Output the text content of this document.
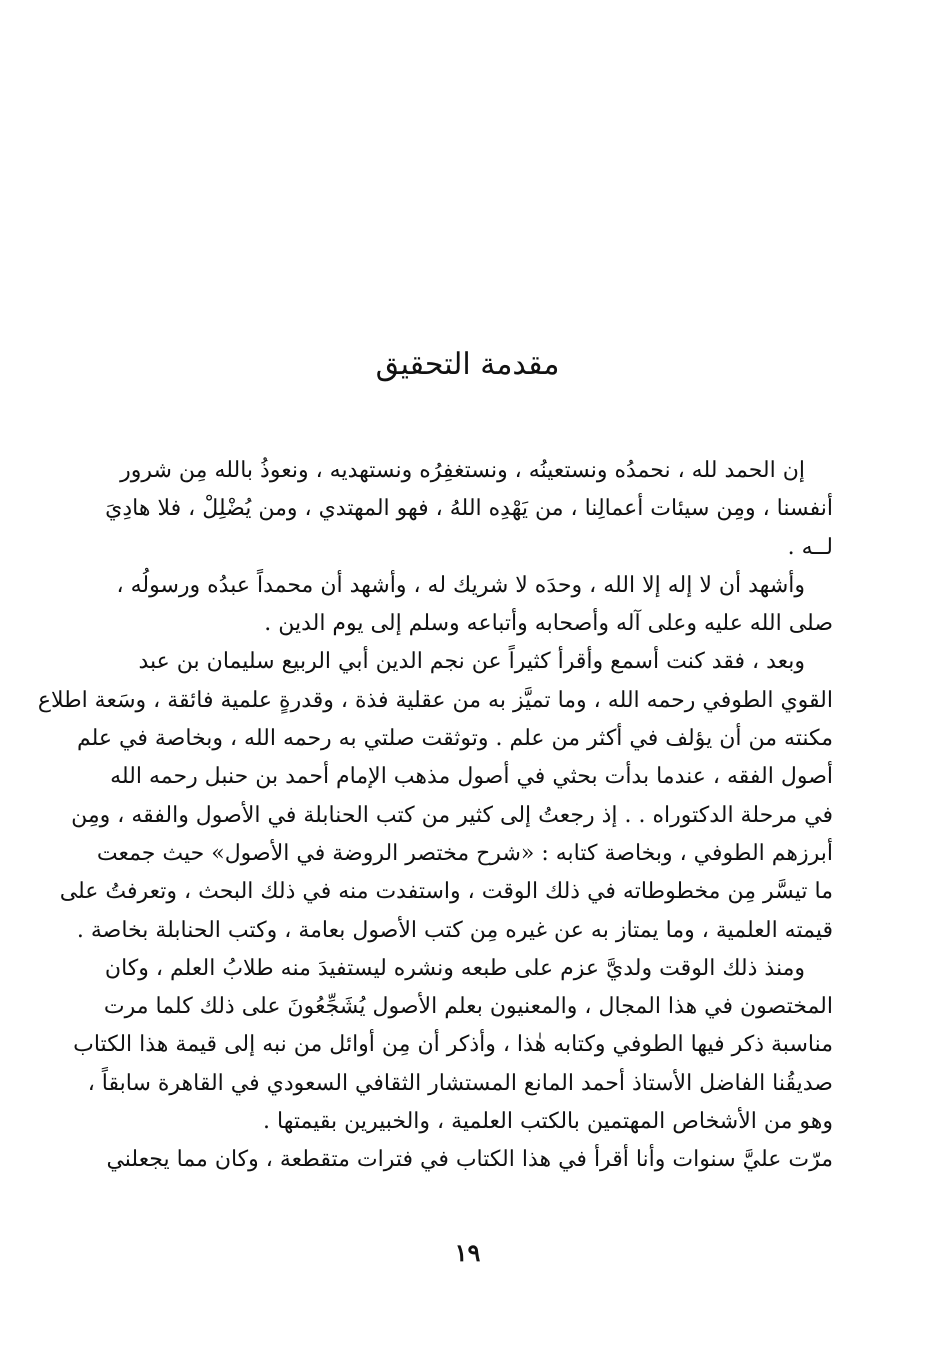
مقدمة التحقيق
إن الحمد لله ، نحمدُه ونستعينُه ، ونستغفِرُه ونستهديه ، ونعوذُ بالله مِن شرور
أنفسنا ، ومِن سيئات أعمالِنا ، من يَهْدِه اللهُ ، فهو المهتدي ، ومن يُضْلِلْ ، فلا هادِيَ
لــه .
وأشهد أن لا إله إلا الله ، وحدَه لا شريك له ، وأشهد أن محمداً عبدُه ورسولُه ،
صلى الله عليه وعلى آله وأصحابه وأتباعه وسلم إلى يوم الدين .
وبعد ، فقد كنت أسمع وأقرأ كثيراً عن نجم الدين أبي الربيع سليمان بن عبد
القوي الطوفي رحمه الله ، وما تميَّز به من عقلية فذة ، وقدرةٍ علمية فائقة ، وسَعة اطلاع
مكنته من أن يؤلف في أكثر من علم . وتوثقت صلتي به رحمه الله ، وبخاصة في علم
أصول الفقه ، عندما بدأت بحثي في أصول مذهب الإمام أحمد بن حنبل رحمه الله
في مرحلة الدكتوراه . . إذ رجعتُ إلى كثير من كتب الحنابلة في الأصول والفقه ، ومِن
أبرزهم الطوفي ، وبخاصة كتابه : «شرح مختصر الروضة في الأصول» حيث جمعت
ما تيسَّر مِن مخطوطاته في ذلك الوقت ، واستفدت منه في ذلك البحث ، وتعرفتُ على
قيمته العلمية ، وما يمتاز به عن غيره مِن كتب الأصول بعامة ، وكتب الحنابلة بخاصة .
ومنذ ذلك الوقت ولديَّ عزم على طبعه ونشره ليستفيدَ منه طلابُ العلم ، وكان
المختصون في هذا المجال ، والمعنيون بعلم الأصول يُشَجِّعُونَ على ذلك كلما مرت
مناسبة ذكر فيها الطوفي وكتابه هٰذا ، وأذكر أن مِن أوائل من نبه إلى قيمة هذا الكتاب
صديقُنا الفاضل الأستاذ أحمد المانع المستشار الثقافي السعودي في القاهرة سابقاً ،
وهو من الأشخاص المهتمين بالكتب العلمية ، والخبيرين بقيمتها .
مرّت عليَّ سنوات وأنا أقرأ في هذا الكتاب في فترات متقطعة ، وكان مما يجعلني
١٩
